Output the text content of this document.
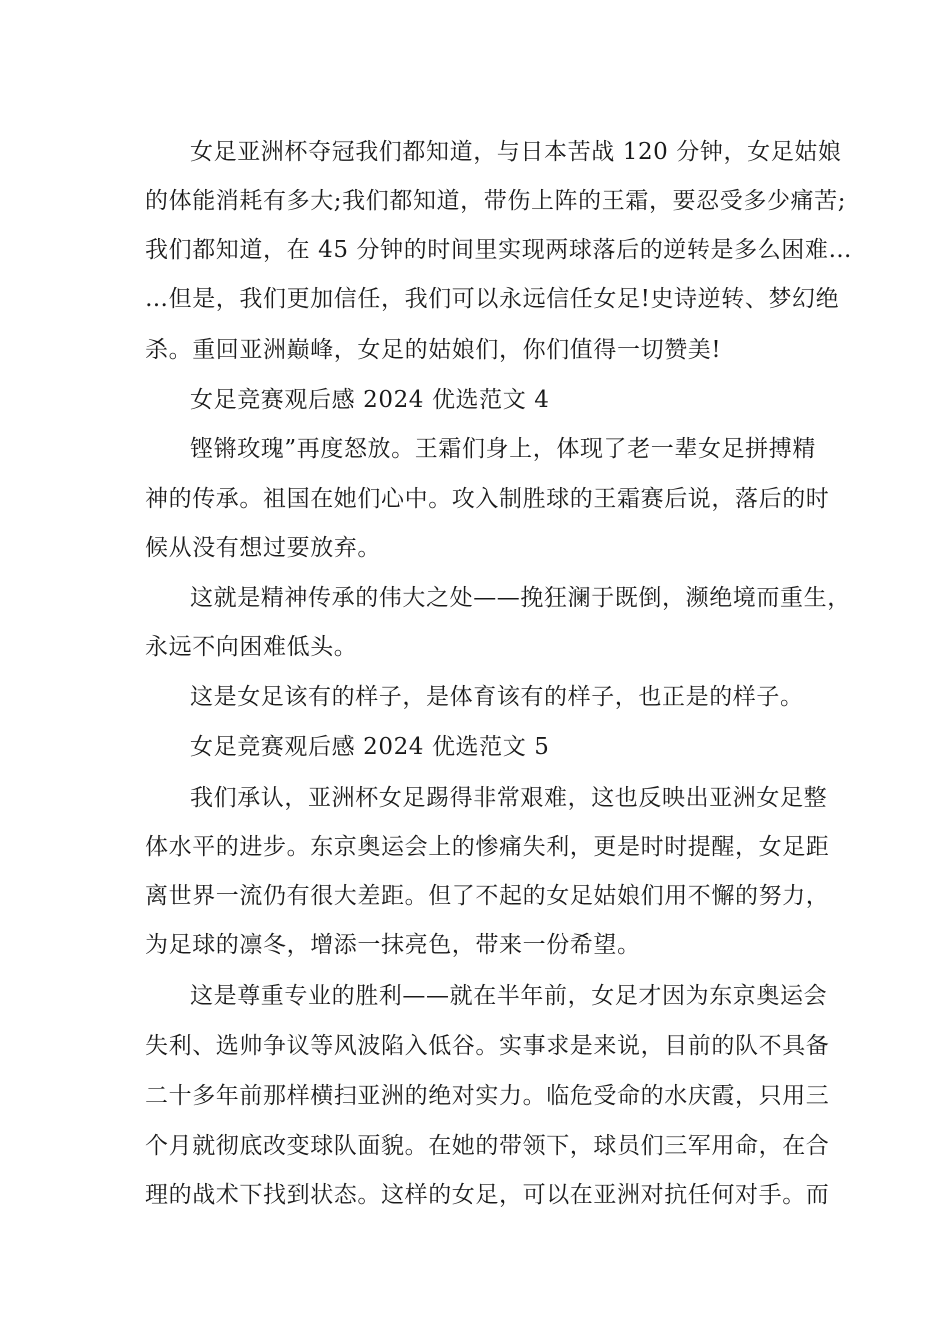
女足亚洲杯夺冠我们都知道，与日本苦战 120 分钟，女足姑娘
的体能消耗有多大;我们都知道，带伤上阵的王霜，要忍受多少痛苦;
我们都知道，在 45 分钟的时间里实现两球落后的逆转是多么困难…
…但是，我们更加信任，我们可以永远信任女足!史诗逆转、梦幻绝
杀。重回亚洲巅峰，女足的姑娘们，你们值得一切赞美!
女足竞赛观后感 2024 优选范文 4
铿锵玫瑰”再度怒放。王霜们身上，体现了老一辈女足拼搏精
神的传承。祖国在她们心中。攻入制胜球的王霜赛后说，落后的时
候从没有想过要放弃。
这就是精神传承的伟大之处——挽狂澜于既倒，濒绝境而重生，
永远不向困难低头。
这是女足该有的样子，是体育该有的样子，也正是的样子。
女足竞赛观后感 2024 优选范文 5
我们承认，亚洲杯女足踢得非常艰难，这也反映出亚洲女足整
体水平的进步。东京奥运会上的惨痛失利，更是时时提醒，女足距
离世界一流仍有很大差距。但了不起的女足姑娘们用不懈的努力，
为足球的凛冬，增添一抹亮色，带来一份希望。
这是尊重专业的胜利——就在半年前，女足才因为东京奥运会
失利、选帅争议等风波陷入低谷。实事求是来说，目前的队不具备
二十多年前那样横扫亚洲的绝对实力。临危受命的水庆霞，只用三
个月就彻底改变球队面貌。在她的带领下，球员们三军用命，在合
理的战术下找到状态。这样的女足，可以在亚洲对抗任何对手。而
